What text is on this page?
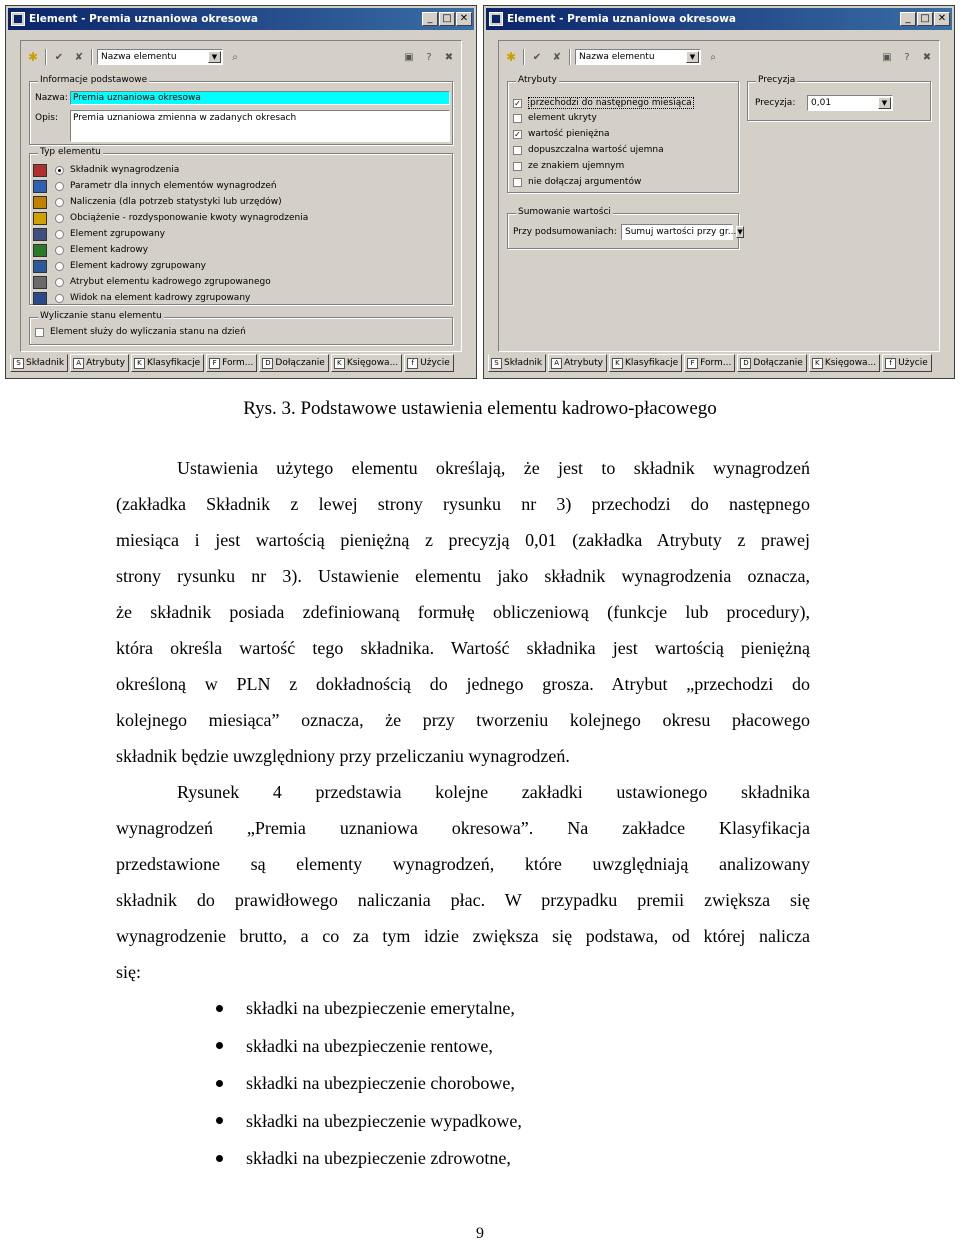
Element - Premia uznaniowa okresowa	_ □ ✕
✱	✔	✘	Nazwa elementu	▼	⌕	▣	?	✖
Informacje podstawowe
Nazwa: Premia uznaniowa okresowa
Opis:	Premia uznaniowa zmienna w zadanych okresach
Typ elementu
Składnik wynagrodzenia
Parametr dla innych elementów wynagrodzeń
Naliczenia (dla potrzeb statystyki lub urzędów)
Obciążenie - rozdysponowanie kwoty wynagrodzenia
Element zgrupowany
Element kadrowy
Element kadrowy zgrupowany
Atrybut elementu kadrowego zgrupowanego
Widok na element kadrowy zgrupowany
Wyliczanie stanu elementu
Element służy do wyliczania stanu na dzień
S Składnik	A Atrybuty	K Klasyfikacje	F Form...	D Dołączanie	K Księgowa...	f Użycie
Element - Premia uznaniowa okresowa	_ □ ✕
✱	✔	✘	Nazwa elementu	▼	⌕	▣	?	✖
Atrybuty
✓ przechodzi do następnego miesiąca
element ukryty
✓ wartość pieniężna
dopuszczalna wartość ujemna
ze znakiem ujemnym
nie dołączaj argumentów
Precyzja
Precyzja:	0,01	▼
Sumowanie wartości
Przy podsumowaniach: Sumuj wartości przy gr... ▼
S Składnik	A Atrybuty	K Klasyfikacje	F Form...	D Dołączanie	K Księgowa...	f Użycie
Rys. 3. Podstawowe ustawienia elementu kadrowo-płacowego
Ustawienia użytego elementu określają, że jest to składnik wynagrodzeń
(zakładka Składnik z lewej strony rysunku nr 3) przechodzi do następnego
miesiąca i jest wartością pieniężną z precyzją 0,01 (zakładka Atrybuty z prawej
strony rysunku nr 3). Ustawienie elementu jako składnik wynagrodzenia oznacza,
że składnik posiada zdefiniowaną formułę obliczeniową (funkcje lub procedury),
która określa wartość tego składnika. Wartość składnika jest wartością pieniężną
określoną w PLN z dokładnością do jednego grosza. Atrybut „przechodzi do
kolejnego miesiąca” oznacza, że przy tworzeniu kolejnego okresu płacowego
składnik będzie uwzględniony przy przeliczaniu wynagrodzeń.
Rysunek 4 przedstawia kolejne zakładki ustawionego składnika
wynagrodzeń „Premia uznaniowa okresowa”. Na zakładce Klasyfikacja
przedstawione są elementy wynagrodzeń, które uwzględniają analizowany
składnik do prawidłowego naliczania płac. W przypadku premii zwiększa się
wynagrodzenie brutto, a co za tym idzie zwiększa się podstawa, od której nalicza
się:
składki na ubezpieczenie emerytalne,
składki na ubezpieczenie rentowe,
składki na ubezpieczenie chorobowe,
składki na ubezpieczenie wypadkowe,
składki na ubezpieczenie zdrowotne,
9
